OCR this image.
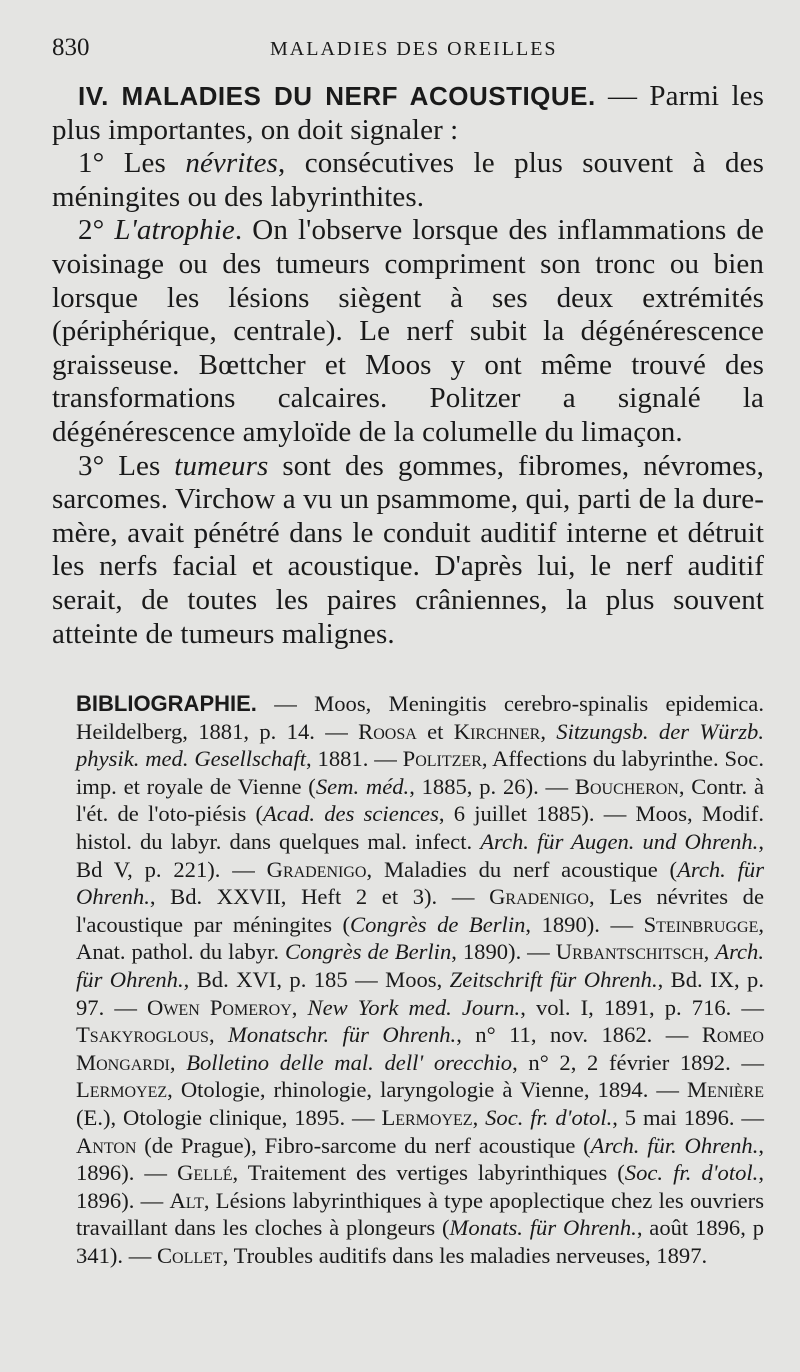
830	MALADIES DES OREILLES

IV. MALADIES DU NERF ACOUSTIQUE. — Parmi les plus importantes, on doit signaler :

1° Les névrites, consécutives le plus souvent à des méningites ou des labyrinthites.

2° L'atrophie. On l'observe lorsque des inflammations de voisinage ou des tumeurs compriment son tronc ou bien lorsque les lésions siègent à ses deux extrémités (périphérique, centrale). Le nerf subit la dégénérescence graisseuse. Bœttcher et Moos y ont même trouvé des transformations calcaires. Politzer a signalé la dégénérescence amyloïde de la columelle du limaçon.

3° Les tumeurs sont des gommes, fibromes, névromes, sarcomes. Virchow a vu un psammome, qui, parti de la dure-mère, avait pénétré dans le conduit auditif interne et détruit les nerfs facial et acoustique. D'après lui, le nerf auditif serait, de toutes les paires crâniennes, la plus souvent atteinte de tumeurs malignes.

BIBLIOGRAPHIE. — Moos, Meningitis cerebro-spinalis epidemica. Heildelberg, 1881, p. 14. — Roosa et Kirchner, Sitzungsb. der Würzb. physik. med. Gesellschaft, 1881. — Politzer, Affections du labyrinthe. Soc. imp. et royale de Vienne (Sem. méd., 1885, p. 26). — Boucheron, Contr. à l'ét. de l'oto-piésis (Acad. des sciences, 6 juillet 1885). — Moos, Modif. histol. du labyr. dans quelques mal. infect. Arch. für Augen. und Ohrenh., Bd V, p. 221). — Gradenigo, Maladies du nerf acoustique (Arch. für Ohrenh., Bd. XXVII, Heft 2 et 3). — Gradenigo, Les névrites de l'acoustique par méningites (Congrès de Berlin, 1890). — Steinbrugge, Anat. pathol. du labyr. Congrès de Berlin, 1890). — Urbantschitsch, Arch. für Ohrenh., Bd. XVI, p. 185 — Moos, Zeitschrift für Ohrenh., Bd. IX, p. 97. — Owen Pomeroy, New York med. Journ., vol. I, 1891, p. 716. — Tsakyroglous, Monatschr. für Ohrenh., n° 11, nov. 1862. — Romeo Mongardi, Bolletino delle mal. dell' orecchio, n° 2, 2 février 1892. — Lermoyez, Otologie, rhinologie, laryngologie à Vienne, 1894. — Menière (E.), Otologie clinique, 1895. — Lermoyez, Soc. fr. d'otol., 5 mai 1896. — Anton (de Prague), Fibro-sarcome du nerf acoustique (Arch. für. Ohrenh., 1896). — Gellé, Traitement des vertiges labyrinthiques (Soc. fr. d'otol., 1896). — Alt, Lésions labyrinthiques à type apoplectique chez les ouvriers travaillant dans les cloches à plongeurs (Monats. für Ohrenh., août 1896, p 341). — Collet, Troubles auditifs dans les maladies nerveuses, 1897.
